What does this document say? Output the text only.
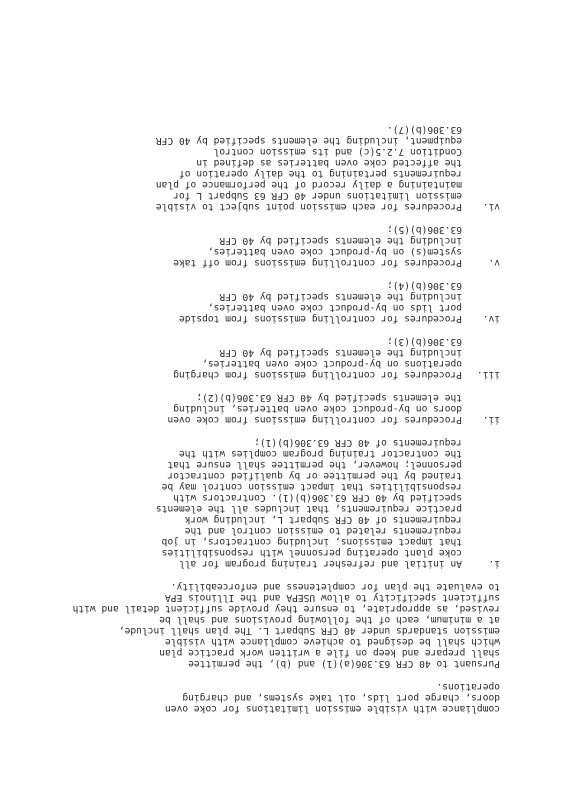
compliance with visible emission limitations for coke oven
doors, charge port lids, oil take systems, and charging
operations.
Pursuant to 40 CFR 63.306(a)(1) and (b), the permittee
shall prepare and keep on file a written work practice plan
which shall be designed to achieve compliance with visible
emission standards under 40 CFR Subpart L. The plan shall include,
at a minimum, each of the following provisions and shall be
revised, as appropriate, to ensure they provide sufficient detail and with
sufficient specificity to allow USEPA and the Illinois EPA
to evaluate the plan for completeness and enforceability.
i.
An initial and refresher training program for all
coke plant operating personnel with responsibilities
that impact emissions, including contractors, in job
requirements related to emission control and the
requirements of 40 CFR Subpart L, including work
practice requirements, that includes all the elements
specified by 40 CFR 63.306(b)(1). Contractors with
responsibilities that impact emission control may be
trained by the permittee or by qualified contractor
personnel; however, the permittee shall ensure that
the contractor training program complies with the
requirements of 40 CFR 63.306(b)(1);
ii.
Procedures for controlling emissions from coke oven
doors on by-product coke oven batteries, including
the elements specified by 40 CFR 63.306(b)(2);
iii.
Procedures for controlling emissions from charging
operations on by-product coke oven batteries,
including the elements specified by 40 CFR
63.306(b)(3);
iv.
Procedures for controlling emissions from topside
port lids on by-product coke oven batteries,
including the elements specified by 40 CFR
63.306(b)(4);
v.
Procedures for controlling emissions from off take
system(s) on by-product coke oven batteries,
including the elements specified by 40 CFR
63.306(b)(5);
vi.
Procedures for each emission point subject to visible
emission limitations under 40 CFR 63 Subpart L for
maintaining a daily record of the performance of plan
requirements pertaining to the daily operation of
the affected coke oven batteries as defined in
Condition 7.2.5(c) and its emission control
equipment, including the elements specified by 40 CFR
63.306(b)(7).
